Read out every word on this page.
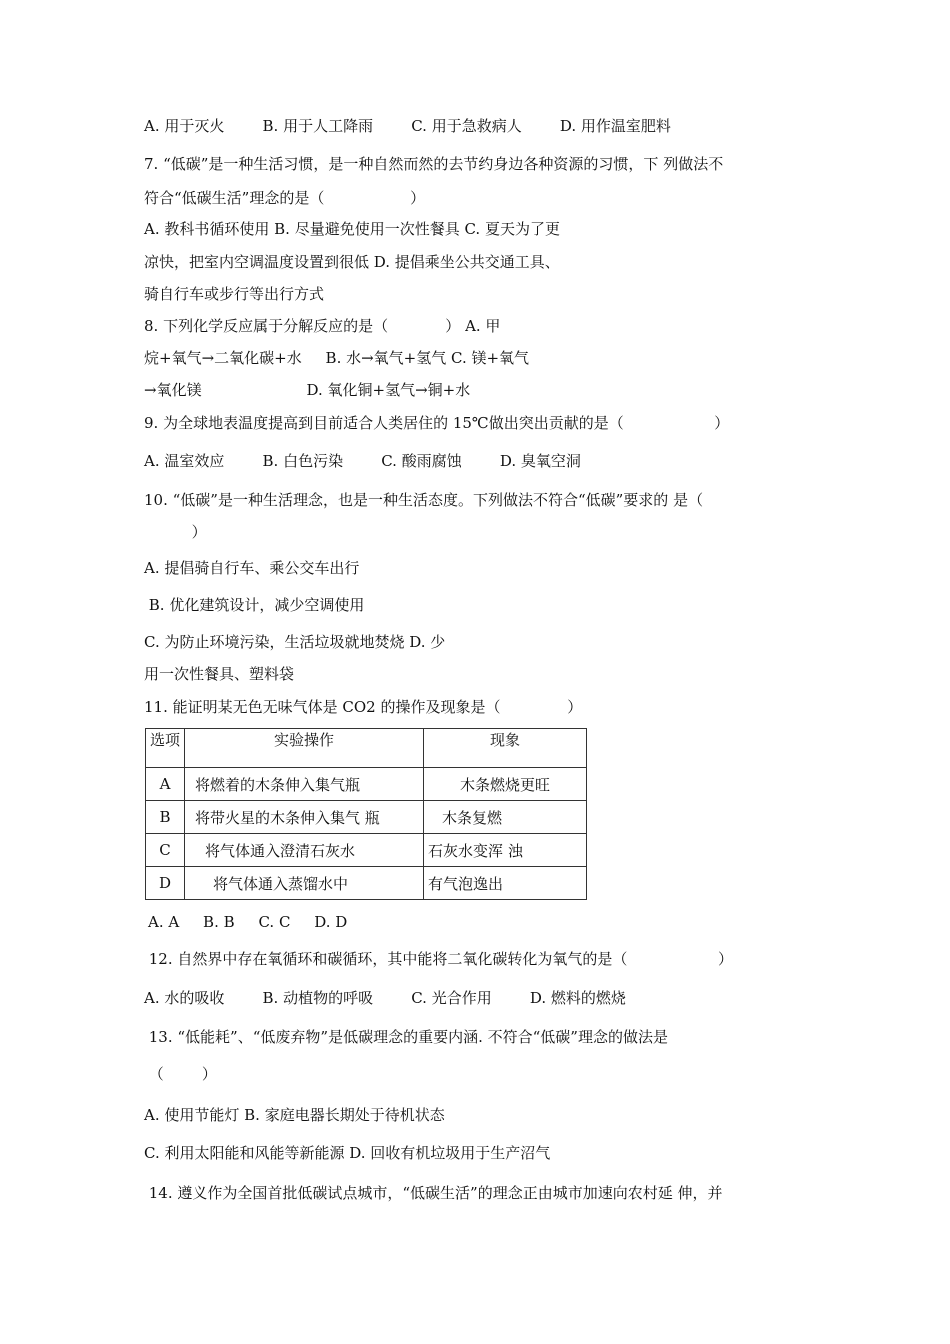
A. 用于灭火        B. 用于人工降雨        C. 用于急救病人        D. 用作温室肥料
7. “低碳”是一种生活习惯，是一种自然而然的去节约身边各种资源的习惯，下 列做法不
符合“低碳生活”理念的是（                  ）
A. 教科书循环使用 B. 尽量避免使用一次性餐具 C. 夏天为了更
凉快，把室内空调温度设置到很低 D. 提倡乘坐公共交通工具、
骑自行车或步行等出行方式
8. 下列化学反应属于分解反应的是（            ） A. 甲
烷+氧气→二氧化碳+水     B. 水→氧气+氢气 C. 镁+氧气
→氧化镁                      D. 氧化铜+氢气→铜+水
9. 为全球地表温度提高到目前适合人类居住的 15℃做出突出贡献的是（                   ）
A. 温室效应        B. 白色污染        C. 酸雨腐蚀        D. 臭氧空洞
10. “低碳”是一种生活理念，也是一种生活态度。下列做法不符合“低碳”要求的 是（
）
A. 提倡骑自行车、乘公交车出行
B. 优化建筑设计，减少空调使用
C. 为防止环境污染，生活垃圾就地焚烧 D. 少
用一次性餐具、塑料袋
11. 能证明某无色无味气体是 CO2 的操作及现象是（              ）
选项	实验操作	现象
A	将燃着的木条伸入集气瓶	木条燃烧更旺
B	将带火星的木条伸入集气 瓶	木条复燃
C	将气体通入澄清石灰水	石灰水变浑 浊
D	将气体通入蒸馏水中	有气泡逸出
A. A     B. B     C. C     D. D
12. 自然界中存在氧循环和碳循环，其中能将二氧化碳转化为氧气的是（                   ）
A. 水的吸收        B. 动植物的呼吸        C. 光合作用        D. 燃料的燃烧
13. “低能耗”、“低废弃物”是低碳理念的重要内涵. 不符合“低碳”理念的做法是
（        ）
A. 使用节能灯 B. 家庭电器长期处于待机状态
C. 利用太阳能和风能等新能源 D. 回收有机垃圾用于生产沼气
14. 遵义作为全国首批低碳试点城市，“低碳生活”的理念正由城市加速向农村延 伸，并
